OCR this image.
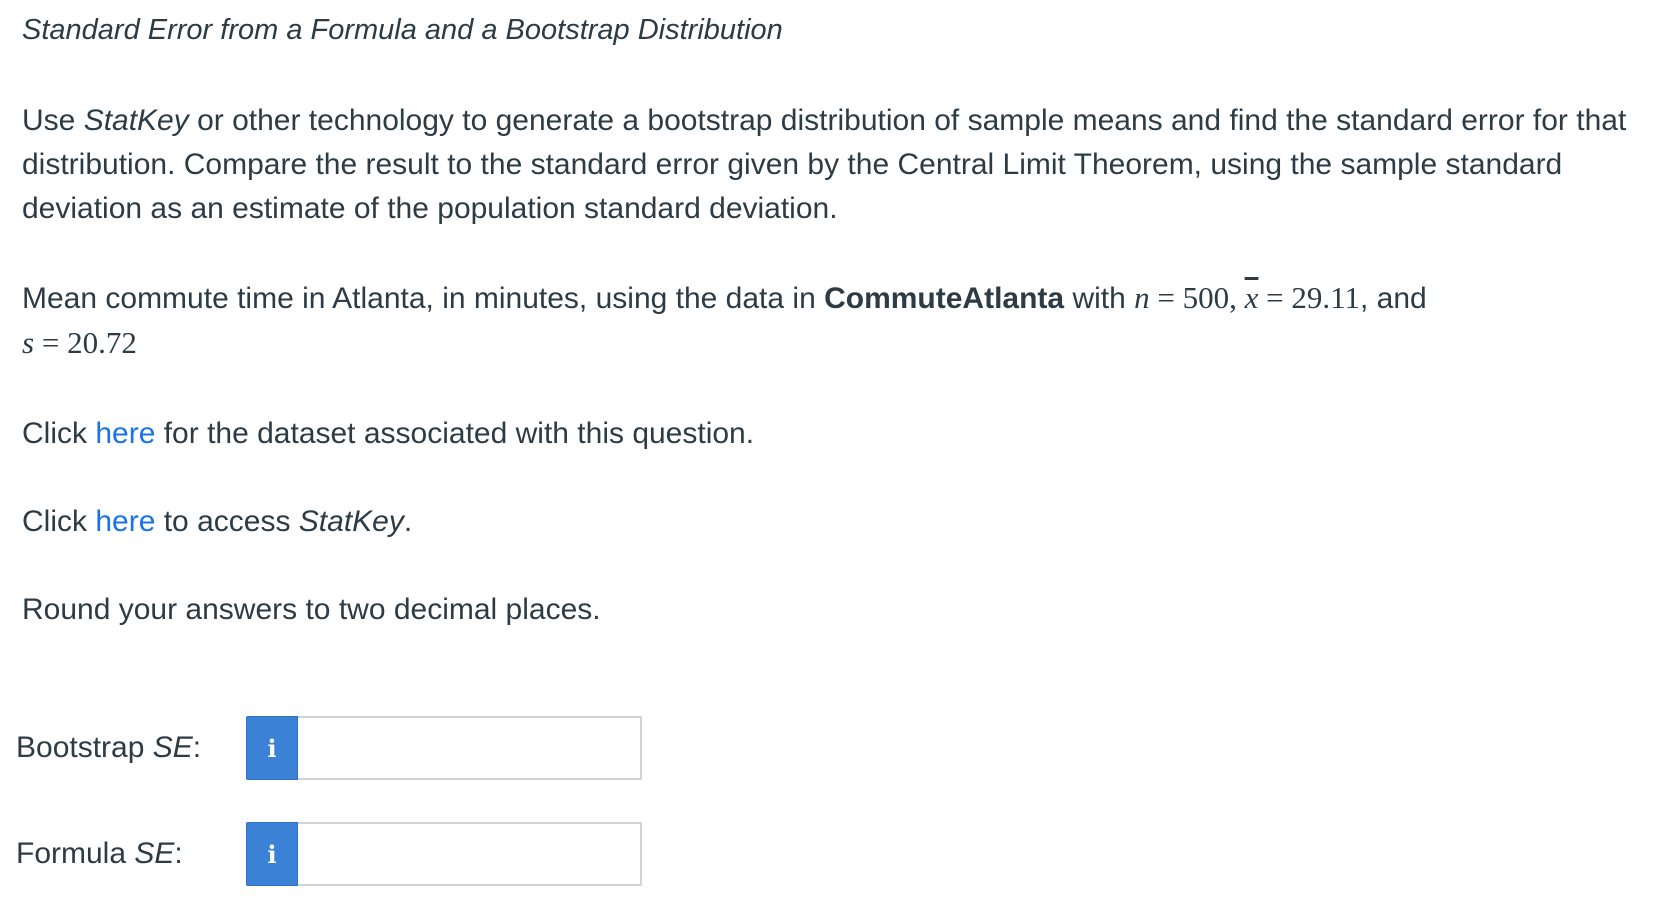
Standard Error from a Formula and a Bootstrap Distribution
Use StatKey or other technology to generate a bootstrap distribution of sample means and find the standard error for that distribution. Compare the result to the standard error given by the Central Limit Theorem, using the sample standard deviation as an estimate of the population standard deviation.
Mean commute time in Atlanta, in minutes, using the data in CommuteAtlanta with n = 500, $\overline{x} = 29.11$, and
s = 20.72
Click here for the dataset associated with this question.
Click here to access StatKey.
Round your answers to two decimal places.
Bootstrap SE:	i
Formula SE:	i
